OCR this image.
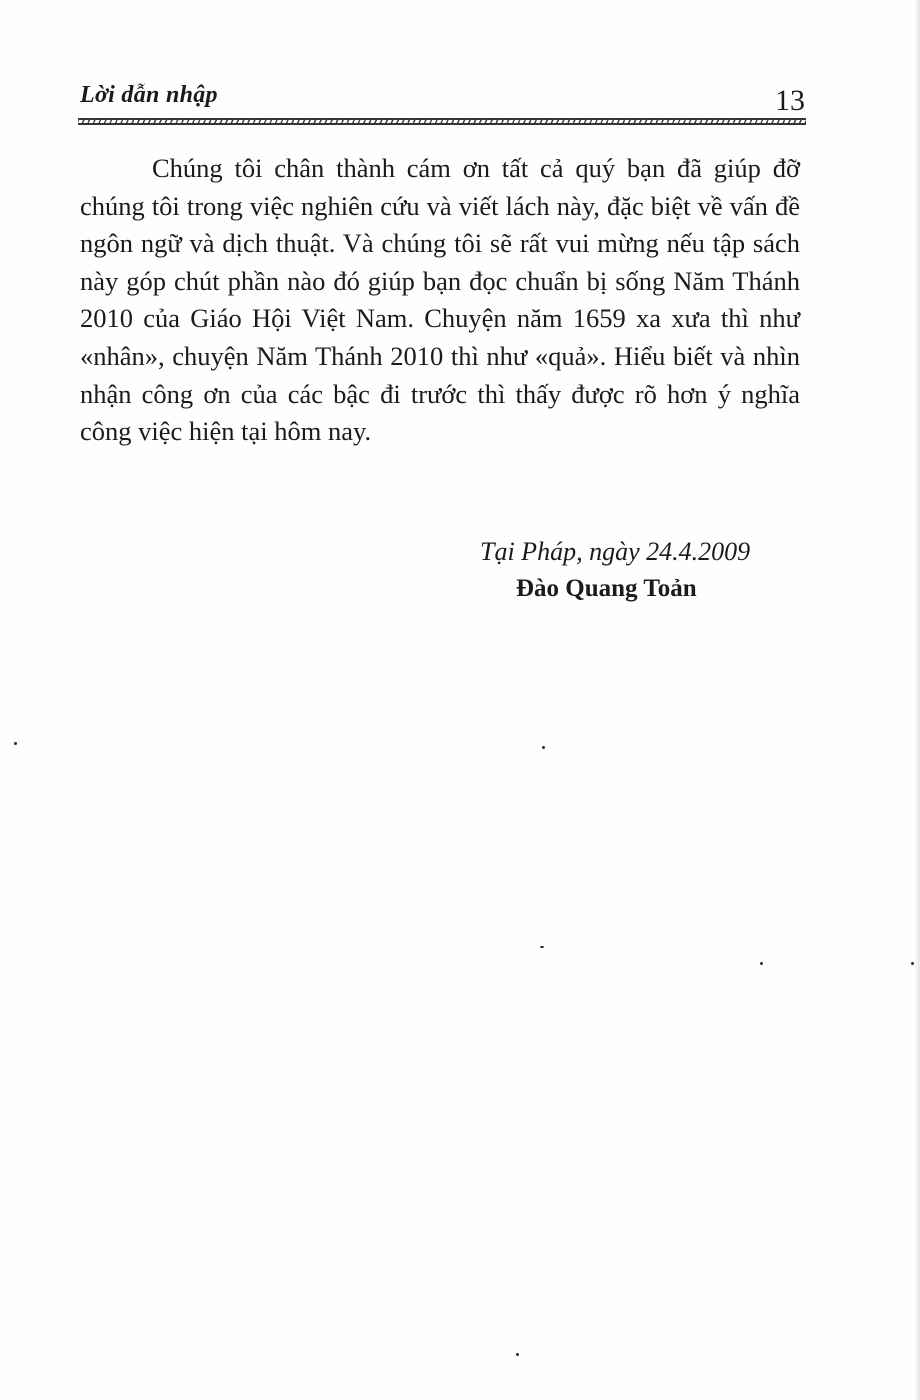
Lời dẫn nhập	13

Chúng tôi chân thành cám ơn tất cả quý bạn đã giúp đỡ chúng tôi trong việc nghiên cứu và viết lách này, đặc biệt về vấn đề ngôn ngữ và dịch thuật. Và chúng tôi sẽ rất vui mừng nếu tập sách này góp chút phần nào đó giúp bạn đọc chuẩn bị sống Năm Thánh 2010 của Giáo Hội Việt Nam. Chuyện năm 1659 xa xưa thì như «nhân», chuyện Năm Thánh 2010 thì như «quả». Hiểu biết và nhìn nhận công ơn của các bậc đi trước thì thấy được rõ hơn ý nghĩa công việc hiện tại hôm nay.

Tại Pháp, ngày 24.4.2009
Đào Quang Toản
